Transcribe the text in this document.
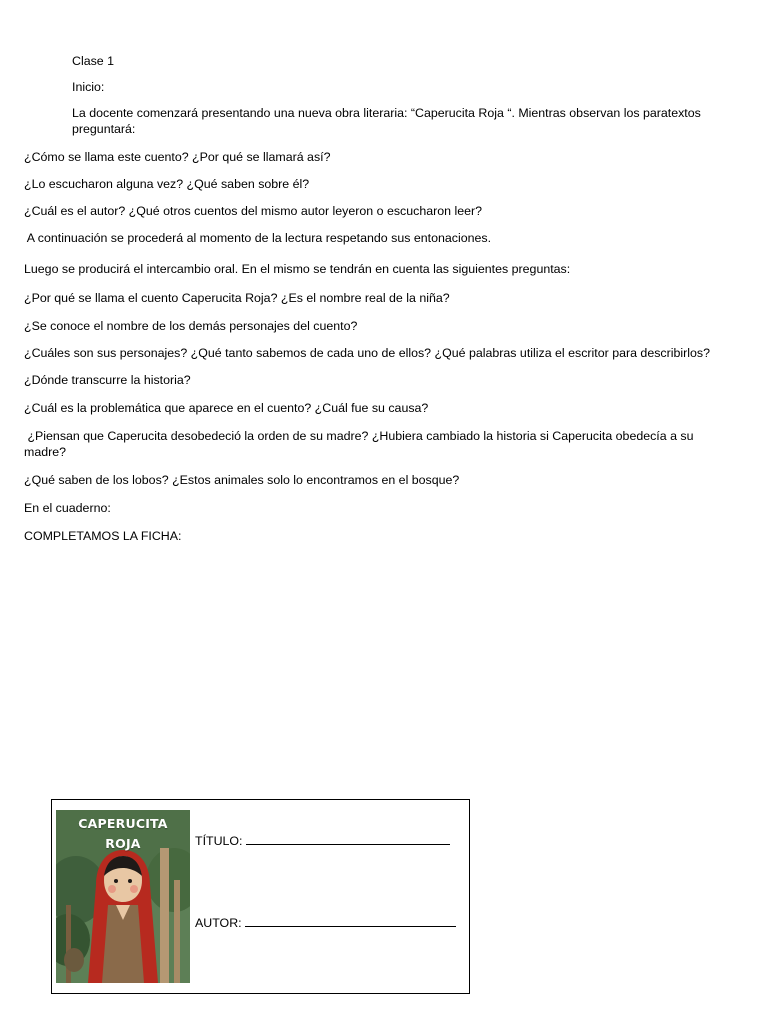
Clase 1
Inicio:
La docente comenzará presentando una nueva obra literaria: “Caperucita Roja “. Mientras observan los paratextos preguntará:
¿Cómo se llama este cuento? ¿Por qué se llamará así?
¿Lo escucharon alguna vez? ¿Qué saben sobre él?
¿Cuál es el autor? ¿Qué otros cuentos del mismo autor leyeron o escucharon leer?
A continuación se procederá al momento de la lectura respetando sus entonaciones.
Luego se producirá el intercambio oral. En el mismo se tendrán en cuenta las siguientes preguntas:
¿Por qué se llama el cuento Caperucita Roja? ¿Es el nombre real de la niña?
¿Se conoce el nombre de los demás personajes del cuento?
¿Cuáles son sus personajes? ¿Qué tanto sabemos de cada uno de ellos? ¿Qué palabras utiliza el escritor para describirlos?
¿Dónde transcurre la historia?
¿Cuál es la problemática que aparece en el cuento? ¿Cuál fue su causa?
¿Piensan que Caperucita desobedeció la orden de su madre? ¿Hubiera cambiado la historia si Caperucita obedecía a su madre?
¿Qué saben de los lobos? ¿Estos animales solo lo encontramos en el bosque?
En el cuaderno:
COMPLETAMOS LA FICHA:
CAPERUCITA
ROJA	TÍTULO:
AUTOR:
